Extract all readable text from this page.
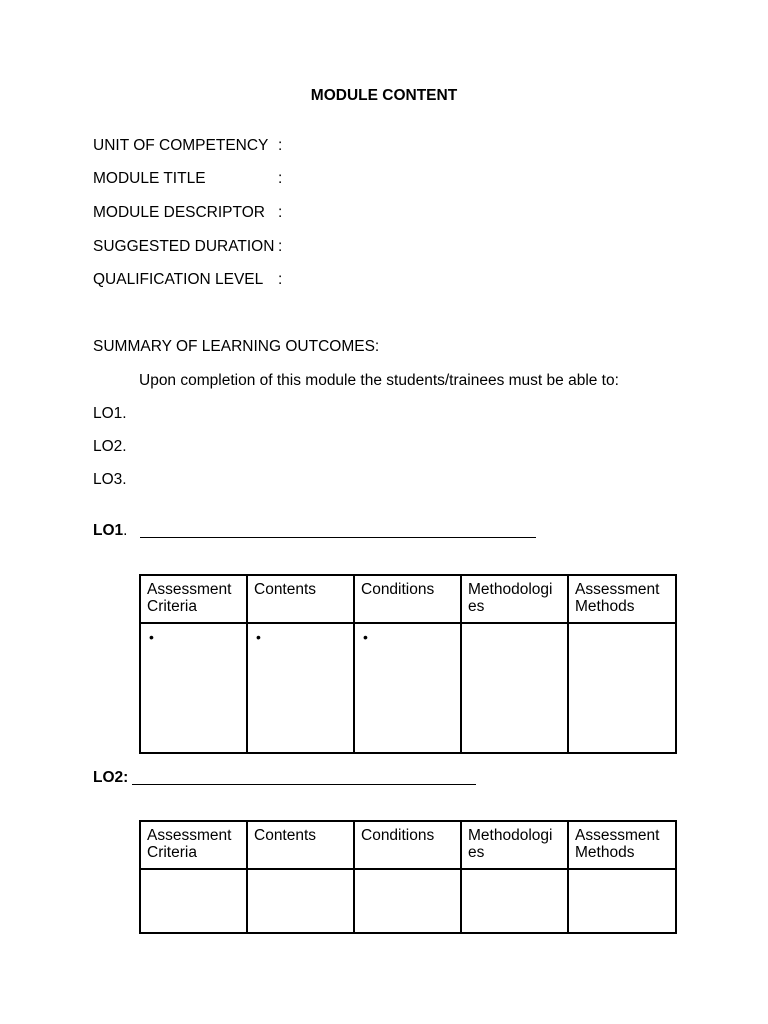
MODULE CONTENT
UNIT OF COMPETENCY :
MODULE TITLE	:
MODULE DESCRIPTOR :
SUGGESTED DURATION :
QUALIFICATION LEVEL :
SUMMARY OF LEARNING OUTCOMES:
Upon completion of this module the students/trainees must be able to:
LO1.
LO2.
LO3.
LO1.
Assessment Criteria	Contents	Conditions	Methodologies	Assessment Methods
•	•	•		
LO2:
Assessment Criteria	Contents	Conditions	Methodologies	Assessment Methods
